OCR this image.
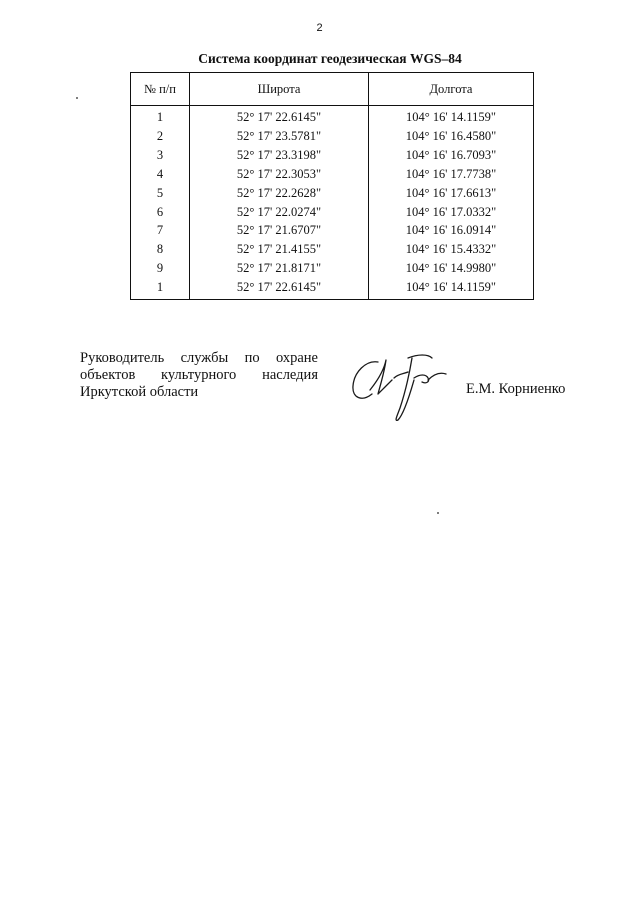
2
Система координат геодезическая WGS–84
№ п/п	Широта	Долгота
1	52° 17' 22.6145"	104° 16' 14.1159"
2	52° 17' 23.5781"	104° 16' 16.4580"
3	52° 17' 23.3198"	104° 16' 16.7093"
4	52° 17' 22.3053"	104° 16' 17.7738"
5	52° 17' 22.2628"	104° 16' 17.6613"
6	52° 17' 22.0274"	104° 16' 17.0332"
7	52° 17' 21.6707"	104° 16' 16.0914"
8	52° 17' 21.4155"	104° 16' 15.4332"
9	52° 17' 21.8171"	104° 16' 14.9980"
1	52° 17' 22.6145"	104° 16' 14.1159"
Руководитель службы по охране
объектов культурного наследия
Иркутской области	Е.М. Корниенко
